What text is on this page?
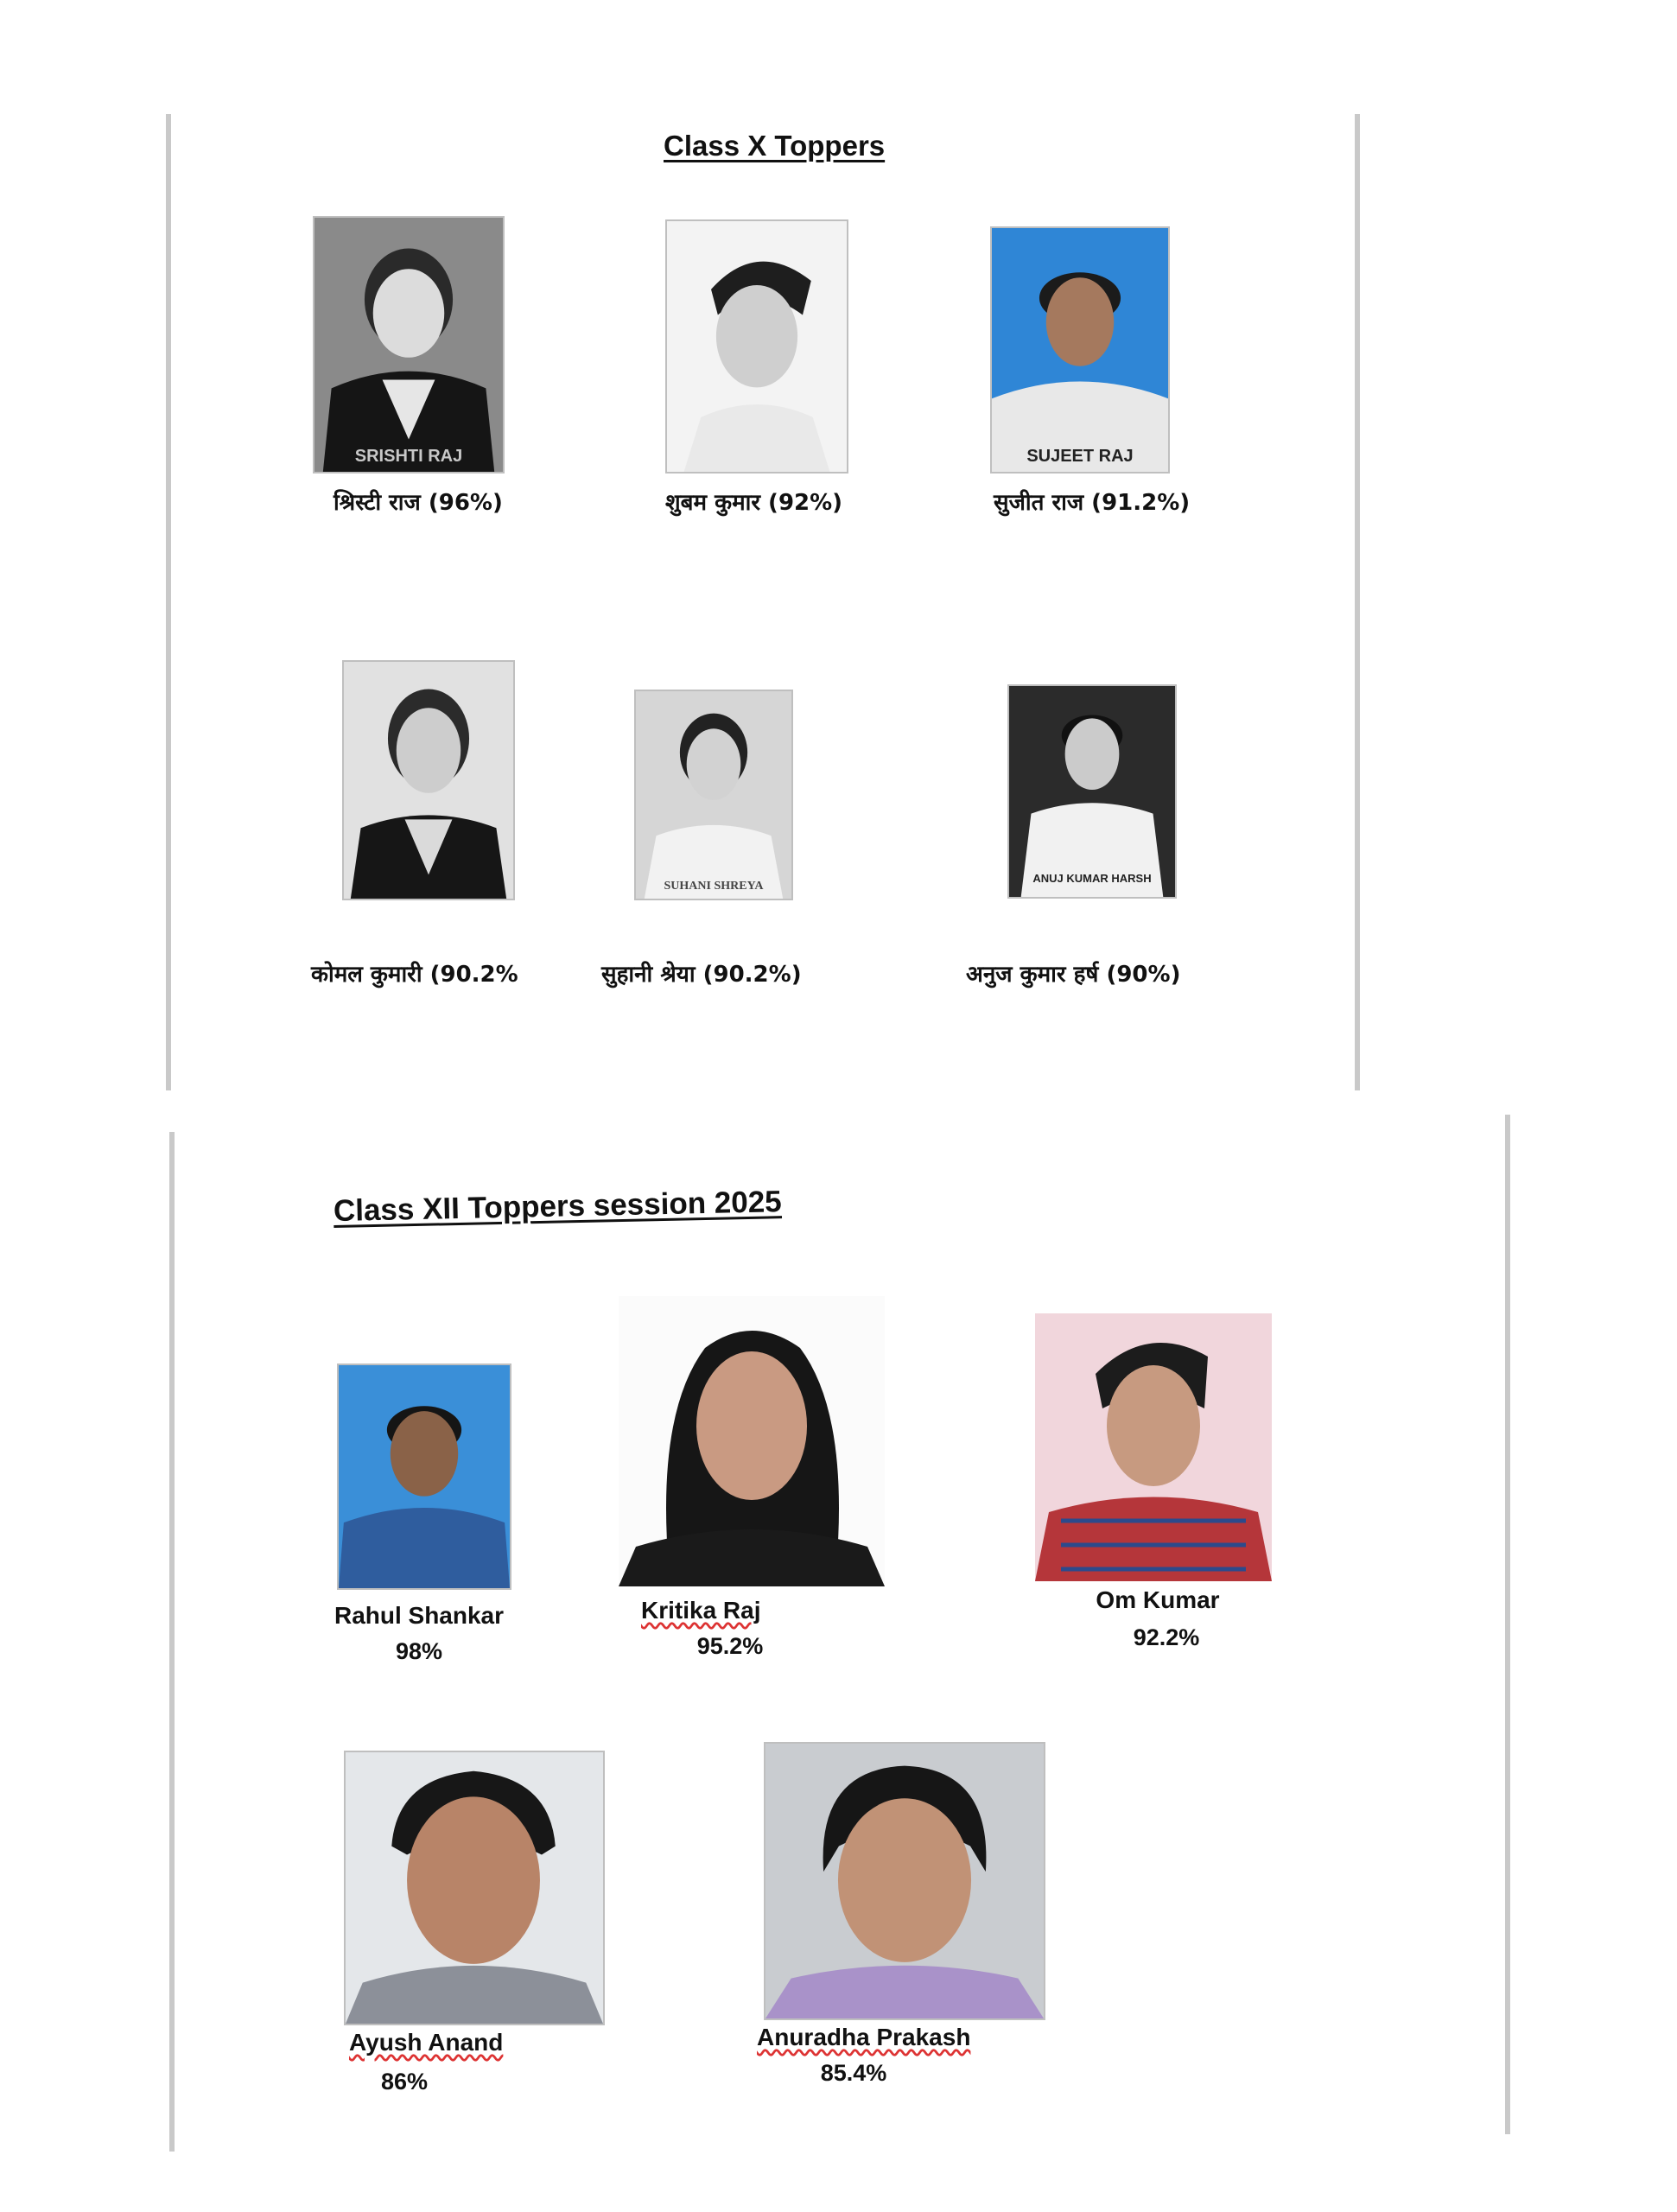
Class X Toppers
SRISHTI RAJ	SUJEET RAJ
श्रिस्टी राज (96%)	शुबम कुमार (92%)	सुजीत राज (91.2%)
SUHANI SHREYA
ANUJ KUMAR HARSH
कोमल कुमारी (90.2%	सुहानी श्रेया (90.2%)	अनुज कुमार हर्ष (90%)
Class XII Toppers session 2025
Rahul Shankar
98%
Kritika Raj
95.2%
Om Kumar
92.2%
Ayush Anand
86%
Anuradha Prakash
85.4%
